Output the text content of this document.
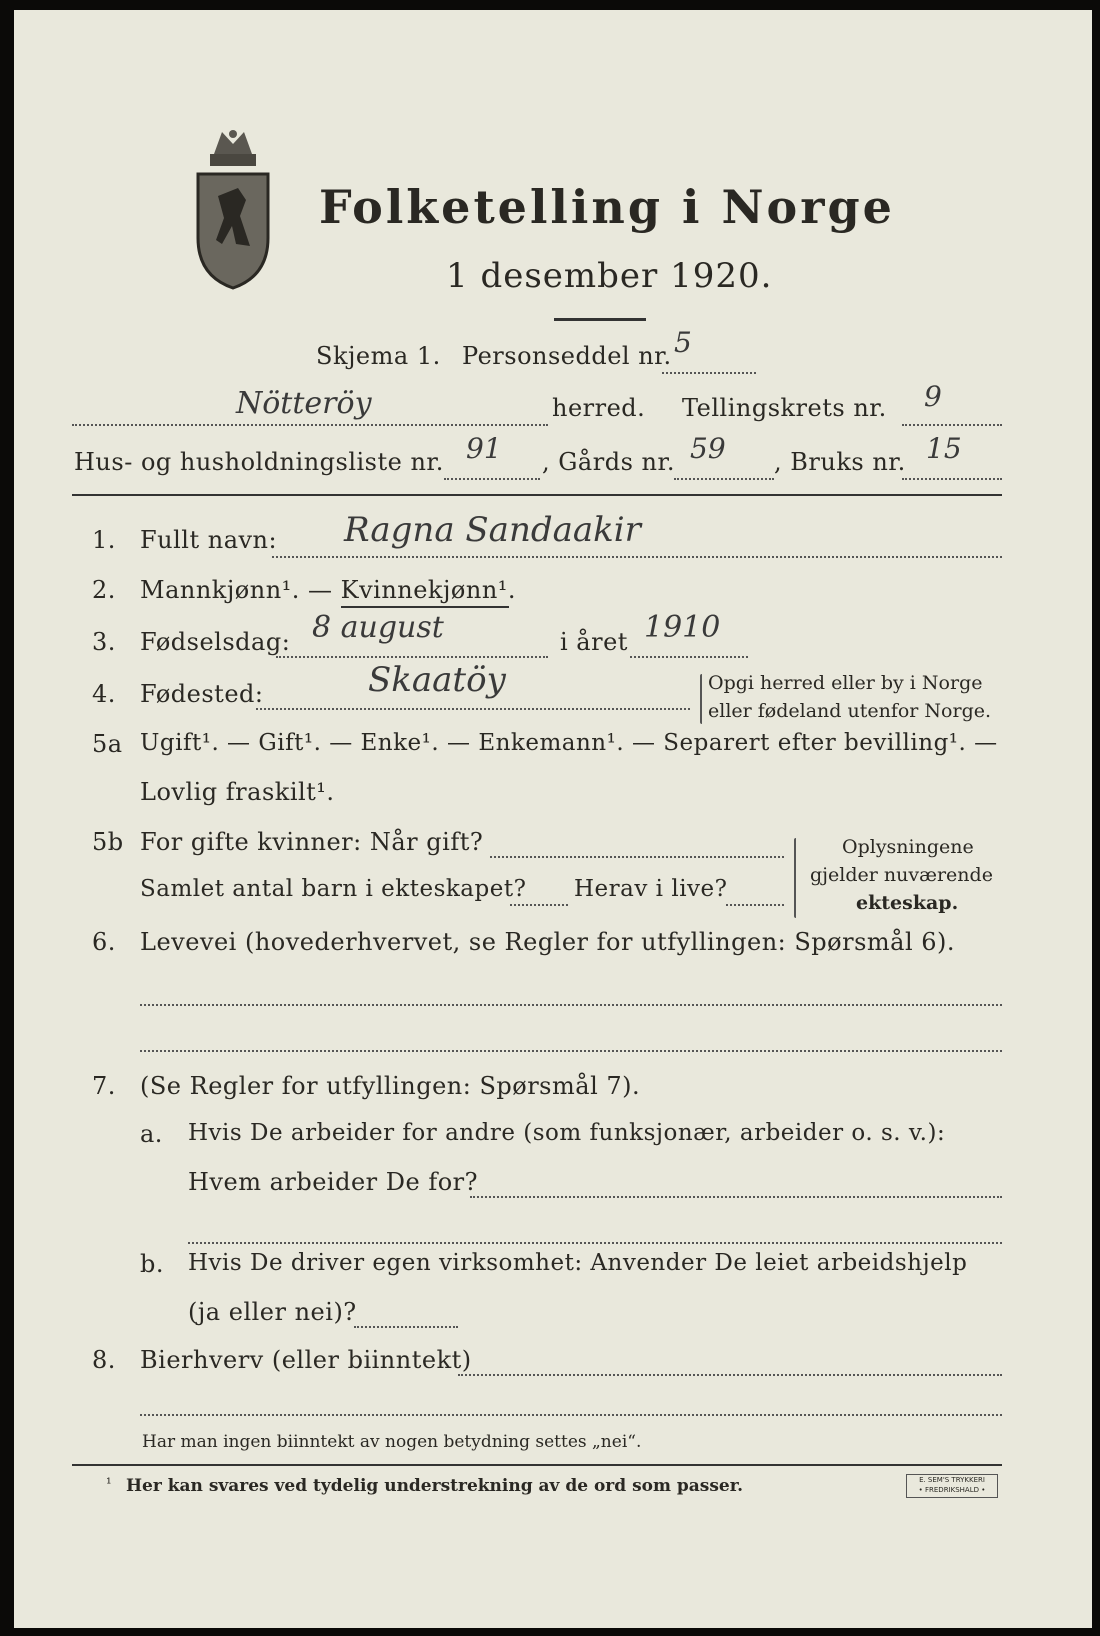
Folketelling i Norge
1 desember 1920.
Skjema 1. Personseddel nr. 5
Nötteröy	herred. Tellingskrets nr. 9
Hus- og husholdningsliste nr. 91 , Gårds nr. 59 , Bruks nr. 15
1. Fullt navn: Ragna Sandaakir
2. Mannkjønn¹. — Kvinnekjønn¹.
3. Fødselsdag: 8 august	i året 1910
4. Fødested:	Skaatöy	Opgi herred eller by i Norge
eller fødeland utenfor Norge.
5a Ugift¹. — Gift¹. — Enke¹. — Enkemann¹. — Separert efter bevilling¹. —
Lovlig fraskilt¹.
5b For gifte kvinner: Når gift?
Samlet antal barn i ekteskapet? Herav i live?
Oplysningene
gjelder nuværende
ekteskap.
6. Levevei (hovederhvervet, se Regler for utfyllingen: Spørsmål 6).
7. (Se Regler for utfyllingen: Spørsmål 7).
a. Hvis De arbeider for andre (som funksjonær, arbeider o. s. v.):
Hvem arbeider De for?
b. Hvis De driver egen virksomhet: Anvender De leiet arbeidshjelp
(ja eller nei)?
8. Bierhverv (eller biinntekt)
Har man ingen biinntekt av nogen betydning settes „nei“.
¹ Her kan svares ved tydelig understrekning av de ord som passer.	E. SEM'S TRYKKERI
• FREDRIKSHALD •
